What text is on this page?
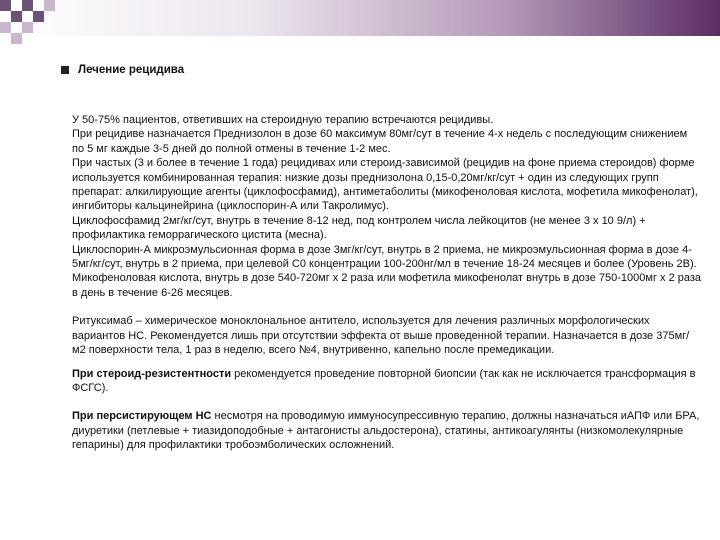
Лечение рецидива

У 50-75% пациентов, ответивших на стероидную терапию встречаются рецидивы.

При рецидиве назначается Преднизолон в дозе 60 максимум 80мг/сут в течение 4-х недель с последующим снижением по 5 мг каждые 3-5 дней до полной отмены в течение 1-2 мес.

При частых (3 и более в течение 1 года) рецидивах или стероид-зависимой (рецидив на фоне приема стероидов) форме используется комбинированная терапия: низкие дозы преднизолона 0,15-0,20мг/кг/сут + один из следующих групп препарат: алкилирующие агенты (циклофосфамид), антиметаболиты (микофеноловая кислота, мофетила микофенолат), ингибиторы кальцинейрина (циклоспорин-А или Такролимус).

Циклофосфамид 2мг/кг/сут, внутрь в течение 8-12 нед, под контролем числа лейкоцитов (не менее 3 х 10 9/л) + профилактика геморрагического цистита (месна).

Циклоспорин-А микроэмульсионная форма в дозе 3мг/кг/сут, внутрь в 2 приема, не микроэмульсионная форма в дозе 4-5мг/кг/сут, внутрь в 2 приема, при целевой С0 концентрации 100-200нг/мл в течение 18-24 месяцев и более (Уровень 2В).

Микофеноловая кислота, внутрь в дозе 540-720мг х 2 раза или мофетила микофенолат внутрь в дозе 750-1000мг х 2 раза в день в течение 6-26 месяцев.

Ритуксимаб – химерическое моноклональное антитело, используется для лечения различных морфологических вариантов НС. Рекомендуется лишь при отсутствии эффекта от выше проведенной терапии. Назначается в дозе 375мг/м2 поверхности тела, 1 раз в неделю, всего №4, внутривенно, капельно после премедикации.

При стероид-резистентности рекомендуется проведение повторной биопсии (так как не исключается трансформация в ФСГС).

При персистирующем НС несмотря на проводимую иммуносупрессивную терапию, должны назначаться иАПФ или БРА, диуретики (петлевые + тиазидоподобные + антагонисты альдостерона), статины, антикоагулянты (низкомолекулярные гепарины) для профилактики тробоэмболических осложнений.
